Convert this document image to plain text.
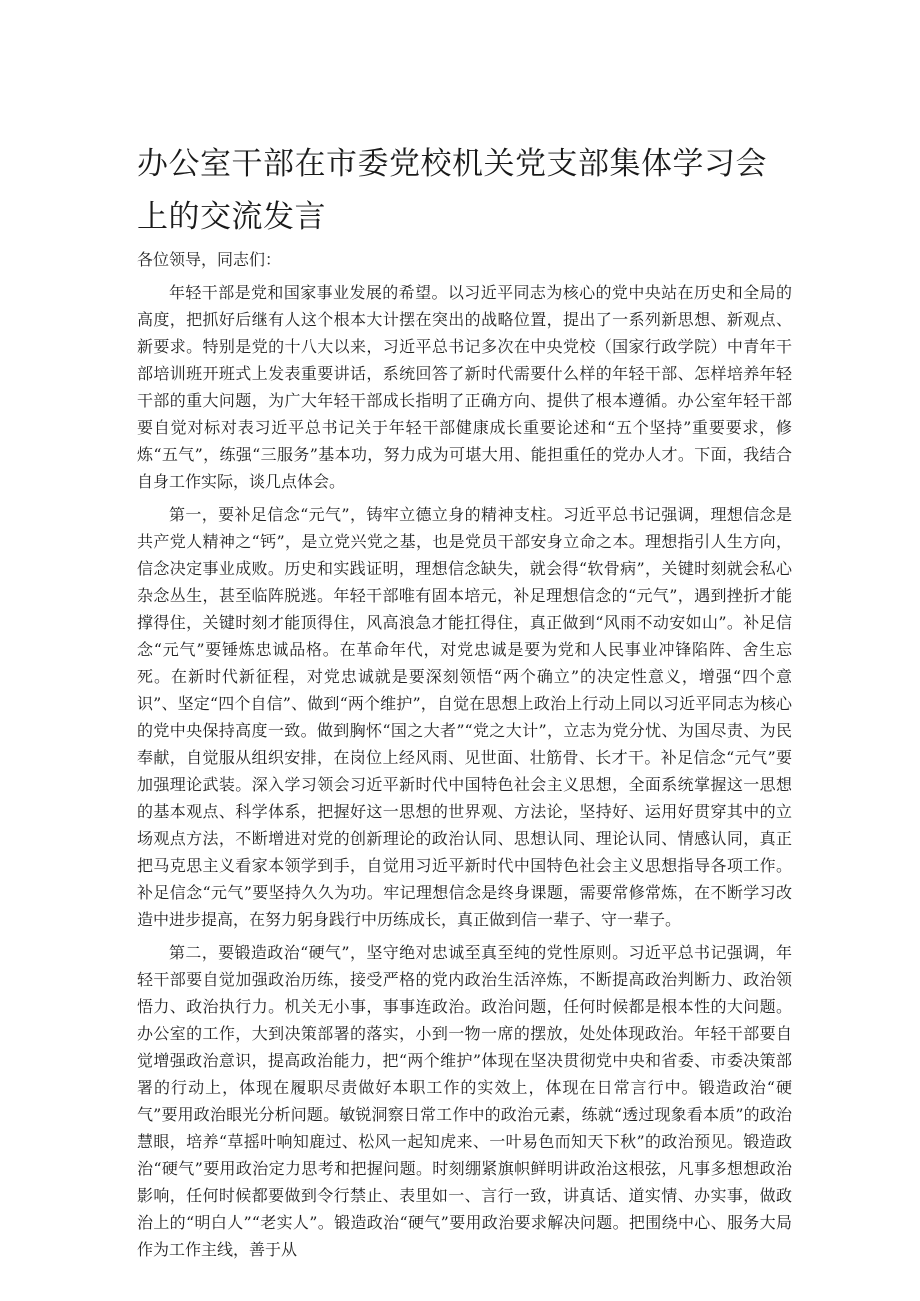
办公室干部在市委党校机关党支部集体学习会上的交流发言

各位领导，同志们：

年轻干部是党和国家事业发展的希望。以习近平同志为核心的党中央站在历史和全局的高度，把抓好后继有人这个根本大计摆在突出的战略位置，提出了一系列新思想、新观点、新要求。特别是党的十八大以来，习近平总书记多次在中央党校（国家行政学院）中青年干部培训班开班式上发表重要讲话，系统回答了新时代需要什么样的年轻干部、怎样培养年轻干部的重大问题，为广大年轻干部成长指明了正确方向、提供了根本遵循。办公室年轻干部要自觉对标对表习近平总书记关于年轻干部健康成长重要论述和“五个坚持”重要要求，修炼“五气”，练强“三服务”基本功，努力成为可堪大用、能担重任的党办人才。下面，我结合自身工作实际，谈几点体会。

第一，要补足信念“元气”，铸牢立德立身的精神支柱。习近平总书记强调，理想信念是共产党人精神之“钙”，是立党兴党之基，也是党员干部安身立命之本。理想指引人生方向，信念决定事业成败。历史和实践证明，理想信念缺失，就会得“软骨病”，关键时刻就会私心杂念丛生，甚至临阵脱逃。年轻干部唯有固本培元，补足理想信念的“元气”，遇到挫折才能撑得住，关键时刻才能顶得住，风高浪急才能扛得住，真正做到“风雨不动安如山”。补足信念“元气”要锤炼忠诚品格。在革命年代，对党忠诚是要为党和人民事业冲锋陷阵、舍生忘死。在新时代新征程，对党忠诚就是要深刻领悟“两个确立”的决定性意义，增强“四个意识”、坚定“四个自信”、做到“两个维护”，自觉在思想上政治上行动上同以习近平同志为核心的党中央保持高度一致。做到胸怀“国之大者”“党之大计”，立志为党分忧、为国尽责、为民奉献，自觉服从组织安排，在岗位上经风雨、见世面、壮筋骨、长才干。补足信念“元气”要加强理论武装。深入学习领会习近平新时代中国特色社会主义思想，全面系统掌握这一思想的基本观点、科学体系，把握好这一思想的世界观、方法论，坚持好、运用好贯穿其中的立场观点方法，不断增进对党的创新理论的政治认同、思想认同、理论认同、情感认同，真正把马克思主义看家本领学到手，自觉用习近平新时代中国特色社会主义思想指导各项工作。补足信念“元气”要坚持久久为功。牢记理想信念是终身课题，需要常修常炼，在不断学习改造中进步提高，在努力躬身践行中历练成长，真正做到信一辈子、守一辈子。

第二，要锻造政治“硬气”，坚守绝对忠诚至真至纯的党性原则。习近平总书记强调，年轻干部要自觉加强政治历练，接受严格的党内政治生活淬炼，不断提高政治判断力、政治领悟力、政治执行力。机关无小事，事事连政治。政治问题，任何时候都是根本性的大问题。办公室的工作，大到决策部署的落实，小到一物一席的摆放，处处体现政治。年轻干部要自觉增强政治意识，提高政治能力，把“两个维护”体现在坚决贯彻党中央和省委、市委决策部署的行动上，体现在履职尽责做好本职工作的实效上，体现在日常言行中。锻造政治“硬气”要用政治眼光分析问题。敏锐洞察日常工作中的政治元素，练就“透过现象看本质”的政治慧眼，培养“草摇叶响知鹿过、松风一起知虎来、一叶易色而知天下秋”的政治预见。锻造政治“硬气”要用政治定力思考和把握问题。时刻绷紧旗帜鲜明讲政治这根弦，凡事多想想政治影响，任何时候都要做到令行禁止、表里如一、言行一致，讲真话、道实情、办实事，做政治上的“明白人”“老实人”。锻造政治“硬气”要用政治要求解决问题。把围绕中心、服务大局作为工作主线，善于从
